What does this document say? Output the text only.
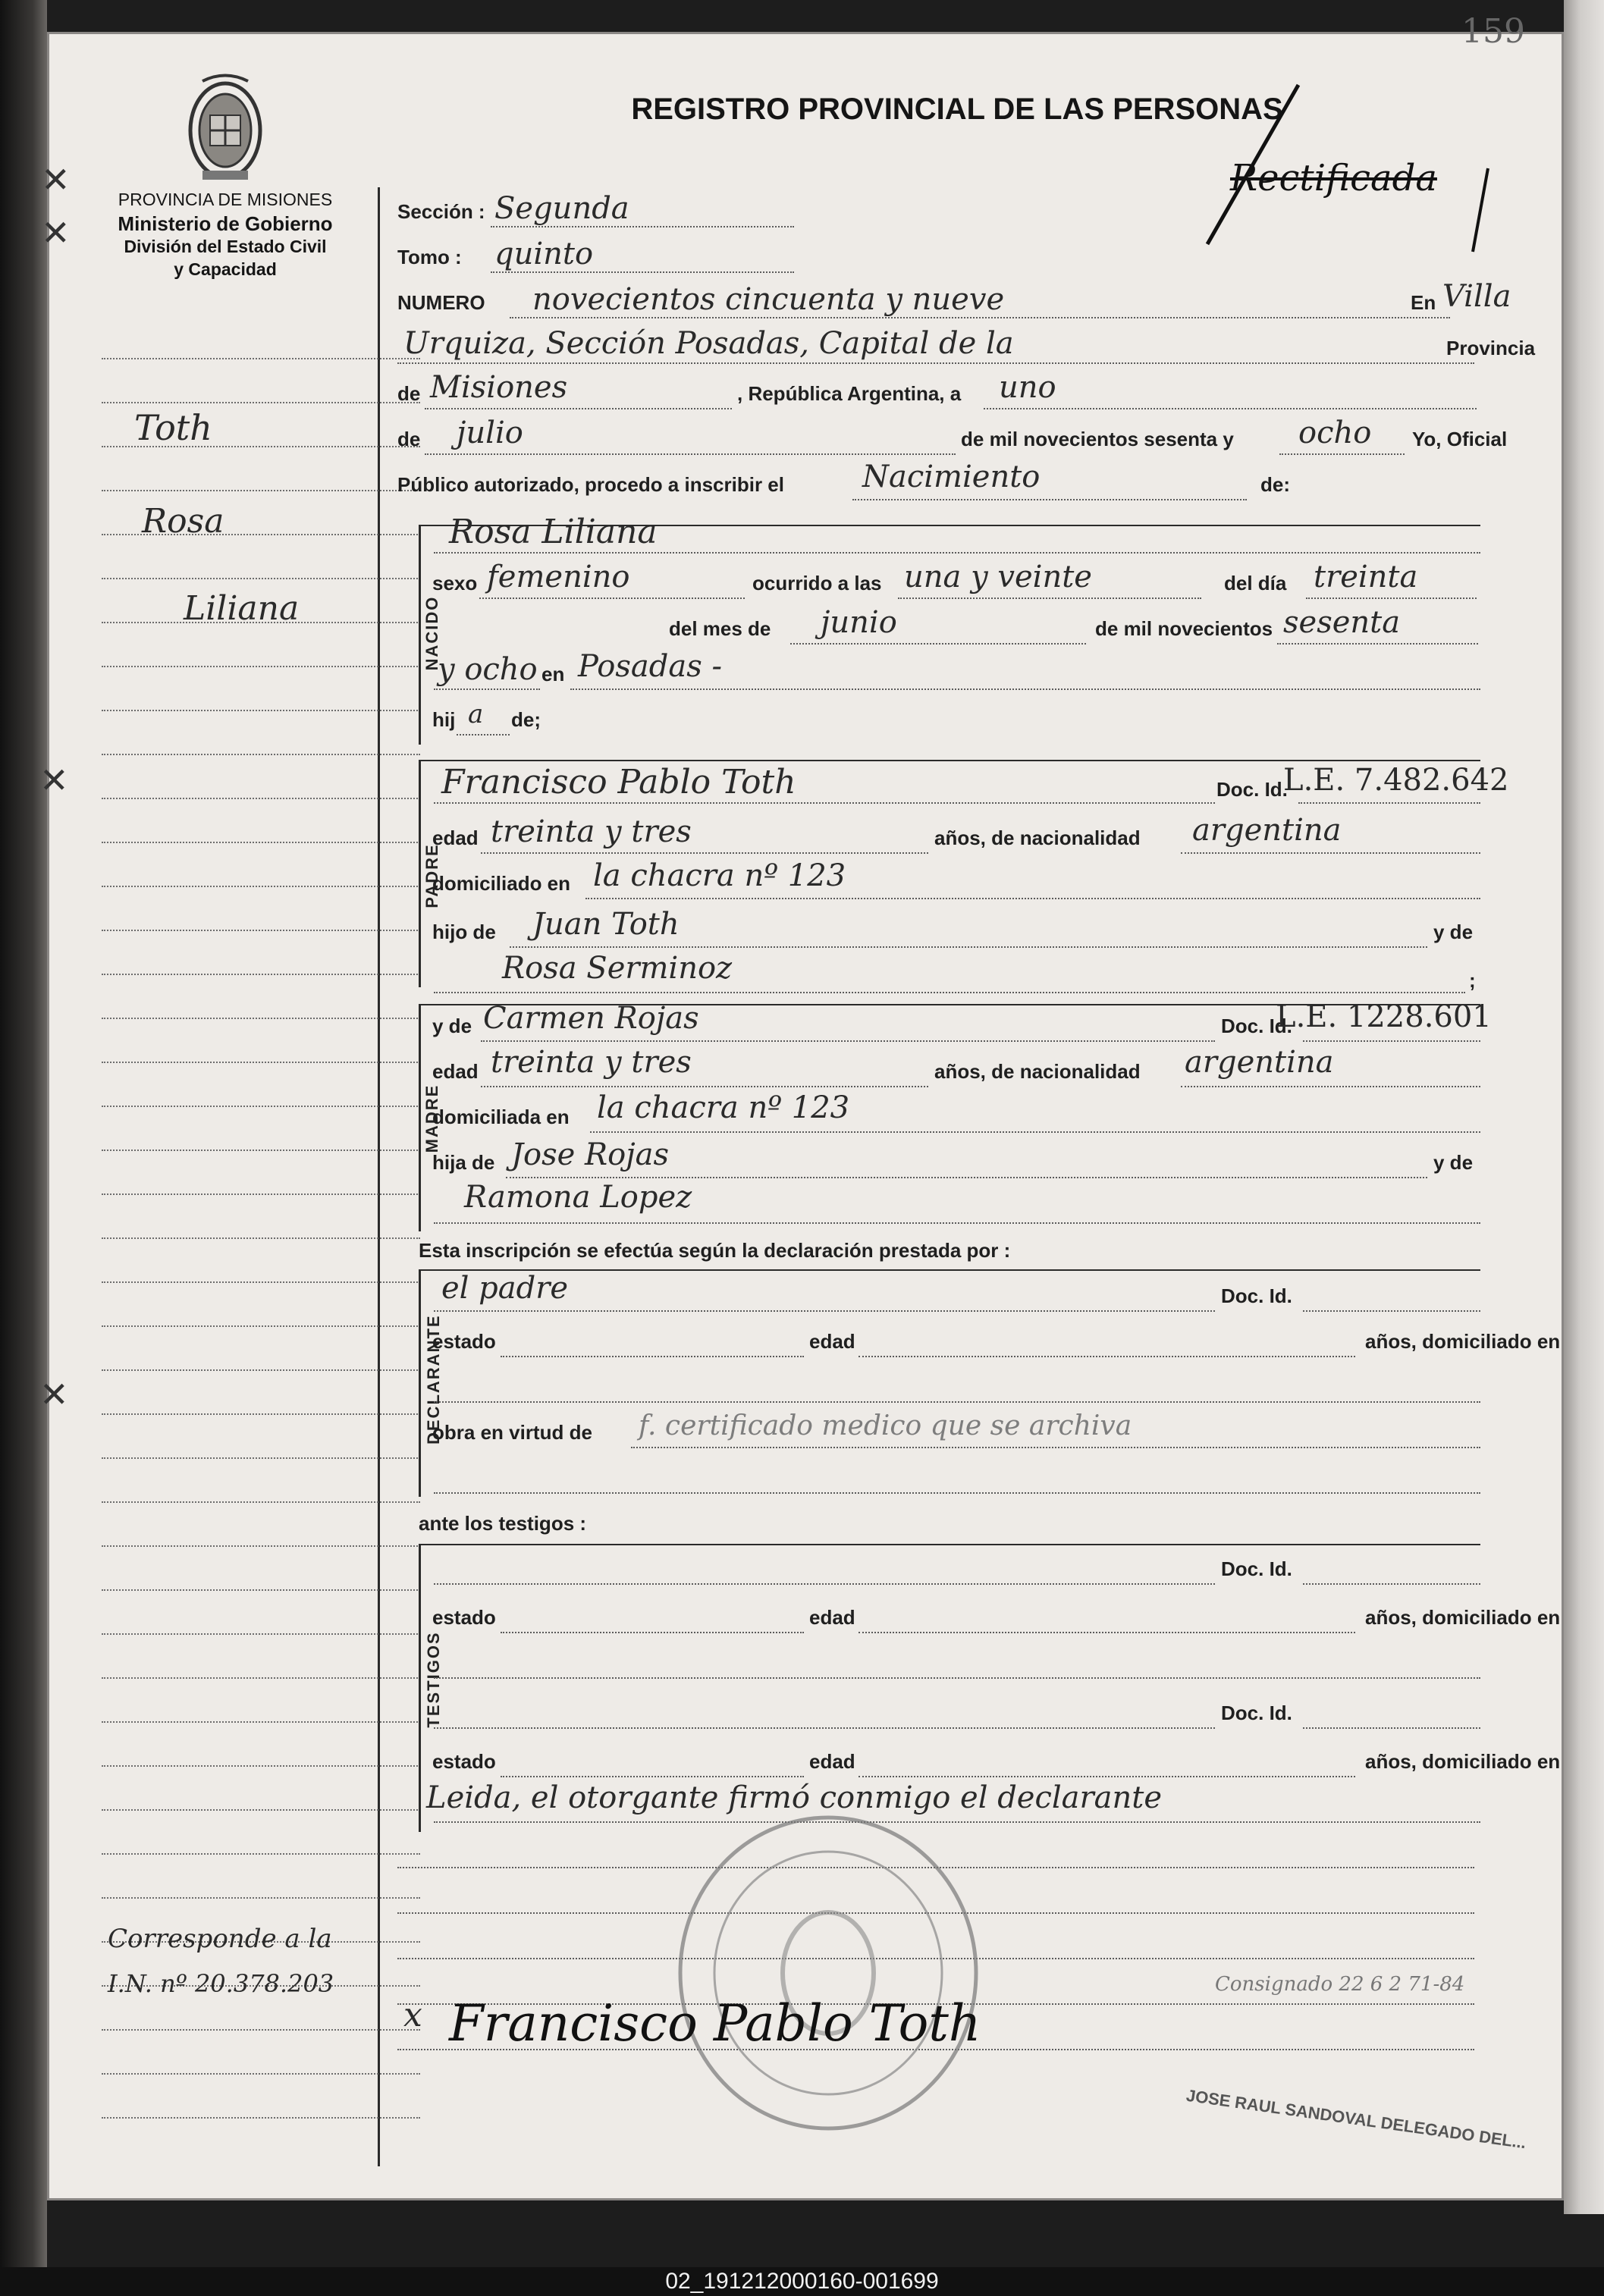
✕
✕
✕
✕
159
PROVINCIA DE MISIONES
Ministerio de Gobierno
División del Estado Civil
y Capacidad
REGISTRO PROVINCIAL DE LAS PERSONAS
Rectificada
Toth
Rosa
Liliana
Corresponde a la
I.N. nº 20.378.203
Sección : Segunda
Tomo : quinto
NUMERO novecientos cincuenta y nueve	En Villa
Urquiza, Sección Posadas, Capital de la	Provincia
de Misiones	, República Argentina, a uno
de julio	de mil novecientos sesenta y ocho Yo, Oficial
Público autorizado, procedo a inscribir el	Nacimiento	de:
NACIDO
Rosa Liliana
sexo femenino	ocurrido a las una y veinte	del día treinta
del mes de junio	de mil novecientos sesenta
y ocho en Posadas -
hij a de;
PADRE
Francisco Pablo Toth	Doc. Id.
L.E. 7.482.642
edad treinta y tres	años, de nacionalidad argentina
domiciliado en la chacra nº 123
hijo de Juan Toth	y de
Rosa Serminoz	;
MADRE
y de Carmen Rojas	Doc. Id.
L.E. 1228.601
edad treinta y tres	años, de nacionalidad argentina
domiciliada en la chacra nº 123
hija de Jose Rojas	y de
Ramona Lopez
Esta inscripción se efectúa según la declaración prestada por :
DECLARANTE
el padre	Doc. Id.
estado	edad	años, domiciliado en
obra en virtud de f. certificado medico que se archiva
ante los testigos :
TESTIGOS
Doc. Id.
estado	edad	años, domiciliado en
Doc. Id.
estado	edad	años, domiciliado en
Leida, el otorgante firmó conmigo el declarante
x Francisco Pablo Toth
Consignado 22 6 2 71-84
JOSE RAUL SANDOVAL DELEGADO DEL...
02_191212000160-001699
